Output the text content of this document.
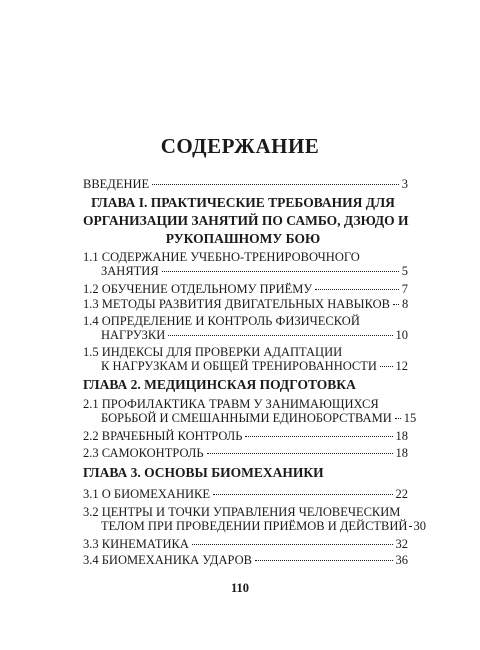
СОДЕРЖАНИЕ
ВВЕДЕНИЕ	3
ГЛАВА I. ПРАКТИЧЕСКИЕ ТРЕБОВАНИЯ ДЛЯ
ОРГАНИЗАЦИИ ЗАНЯТИЙ ПО САМБО, ДЗЮДО И
РУКОПАШНОМУ БОЮ
1.1 СОДЕРЖАНИЕ УЧЕБНО-ТРЕНИРОВОЧНОГО
ЗАНЯТИЯ	5
1.2 ОБУЧЕНИЕ ОТДЕЛЬНОМУ ПРИЁМУ	7
1.3 МЕТОДЫ РАЗВИТИЯ ДВИГАТЕЛЬНЫХ НАВЫКОВ 8
1.4 ОПРЕДЕЛЕНИЕ И КОНТРОЛЬ ФИЗИЧЕСКОЙ
НАГРУЗКИ	10
1.5 ИНДЕКСЫ ДЛЯ ПРОВЕРКИ АДАПТАЦИИ
К НАГРУЗКАМ И ОБЩЕЙ ТРЕНИРОВАННОСТИ 12
ГЛАВА 2. МЕДИЦИНСКАЯ ПОДГОТОВКА
2.1 ПРОФИЛАКТИКА ТРАВМ У ЗАНИМАЮЩИХСЯ
БОРЬБОЙ И СМЕШАННЫМИ ЕДИНОБОРСТВАМИ 15
2.2 ВРАЧЕБНЫЙ КОНТРОЛЬ	18
2.3 САМОКОНТРОЛЬ	18
ГЛАВА 3. ОСНОВЫ БИОМЕХАНИКИ
3.1 О БИОМЕХАНИКЕ	22
3.2 ЦЕНТРЫ И ТОЧКИ УПРАВЛЕНИЯ ЧЕЛОВЕЧЕСКИМ
ТЕЛОМ ПРИ ПРОВЕДЕНИИ ПРИЁМОВ И ДЕЙСТВИЙ 30
3.3 КИНЕМАТИКА	32
3.4 БИОМЕХАНИКА УДАРОВ	36
110
